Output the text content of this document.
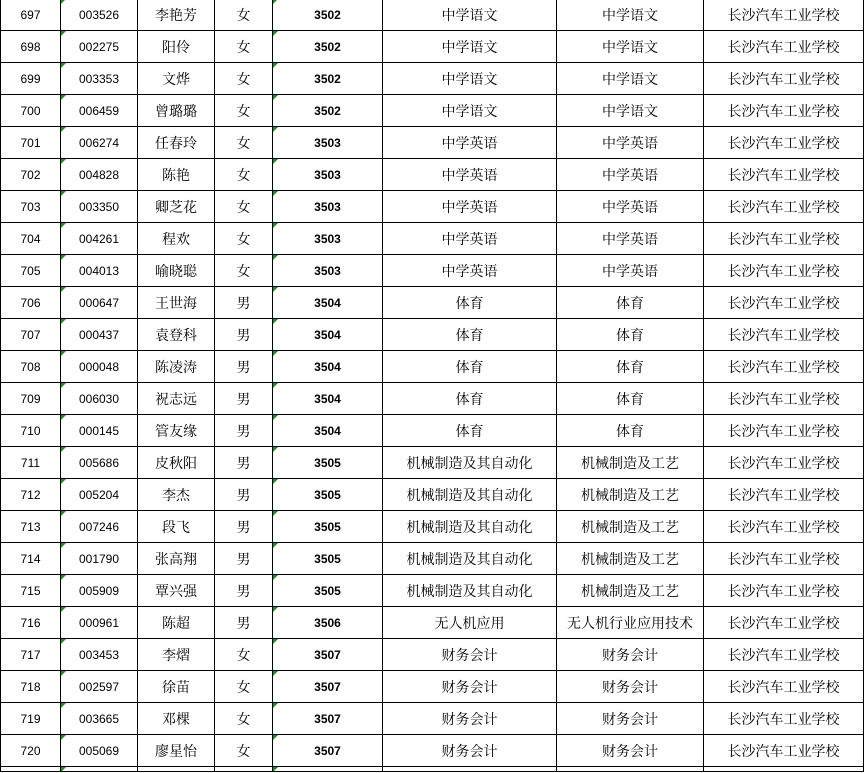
697	003526	李艳芳	女	3502	中学语文	中学语文	长沙汽车工业学校
698	002275	阳伶	女	3502	中学语文	中学语文	长沙汽车工业学校
699	003353	文烨	女	3502	中学语文	中学语文	长沙汽车工业学校
700	006459	曾璐璐	女	3502	中学语文	中学语文	长沙汽车工业学校
701	006274	任春玲	女	3503	中学英语	中学英语	长沙汽车工业学校
702	004828	陈艳	女	3503	中学英语	中学英语	长沙汽车工业学校
703	003350	卿芝花	女	3503	中学英语	中学英语	长沙汽车工业学校
704	004261	程欢	女	3503	中学英语	中学英语	长沙汽车工业学校
705	004013	喻晓聪	女	3503	中学英语	中学英语	长沙汽车工业学校
706	000647	王世海	男	3504	体育	体育	长沙汽车工业学校
707	000437	袁登科	男	3504	体育	体育	长沙汽车工业学校
708	000048	陈凌涛	男	3504	体育	体育	长沙汽车工业学校
709	006030	祝志远	男	3504	体育	体育	长沙汽车工业学校
710	000145	管友缘	男	3504	体育	体育	长沙汽车工业学校
711	005686	皮秋阳	男	3505	机械制造及其自动化	机械制造及工艺	长沙汽车工业学校
712	005204	李杰	男	3505	机械制造及其自动化	机械制造及工艺	长沙汽车工业学校
713	007246	段飞	男	3505	机械制造及其自动化	机械制造及工艺	长沙汽车工业学校
714	001790	张高翔	男	3505	机械制造及其自动化	机械制造及工艺	长沙汽车工业学校
715	005909	覃兴强	男	3505	机械制造及其自动化	机械制造及工艺	长沙汽车工业学校
716	000961	陈超	男	3506	无人机应用	无人机行业应用技术	长沙汽车工业学校
717	003453	李熠	女	3507	财务会计	财务会计	长沙汽车工业学校
718	002597	徐苗	女	3507	财务会计	财务会计	长沙汽车工业学校
719	003665	邓棵	女	3507	财务会计	财务会计	长沙汽车工业学校
720	005069	廖星怡	女	3507	财务会计	财务会计	长沙汽车工业学校
